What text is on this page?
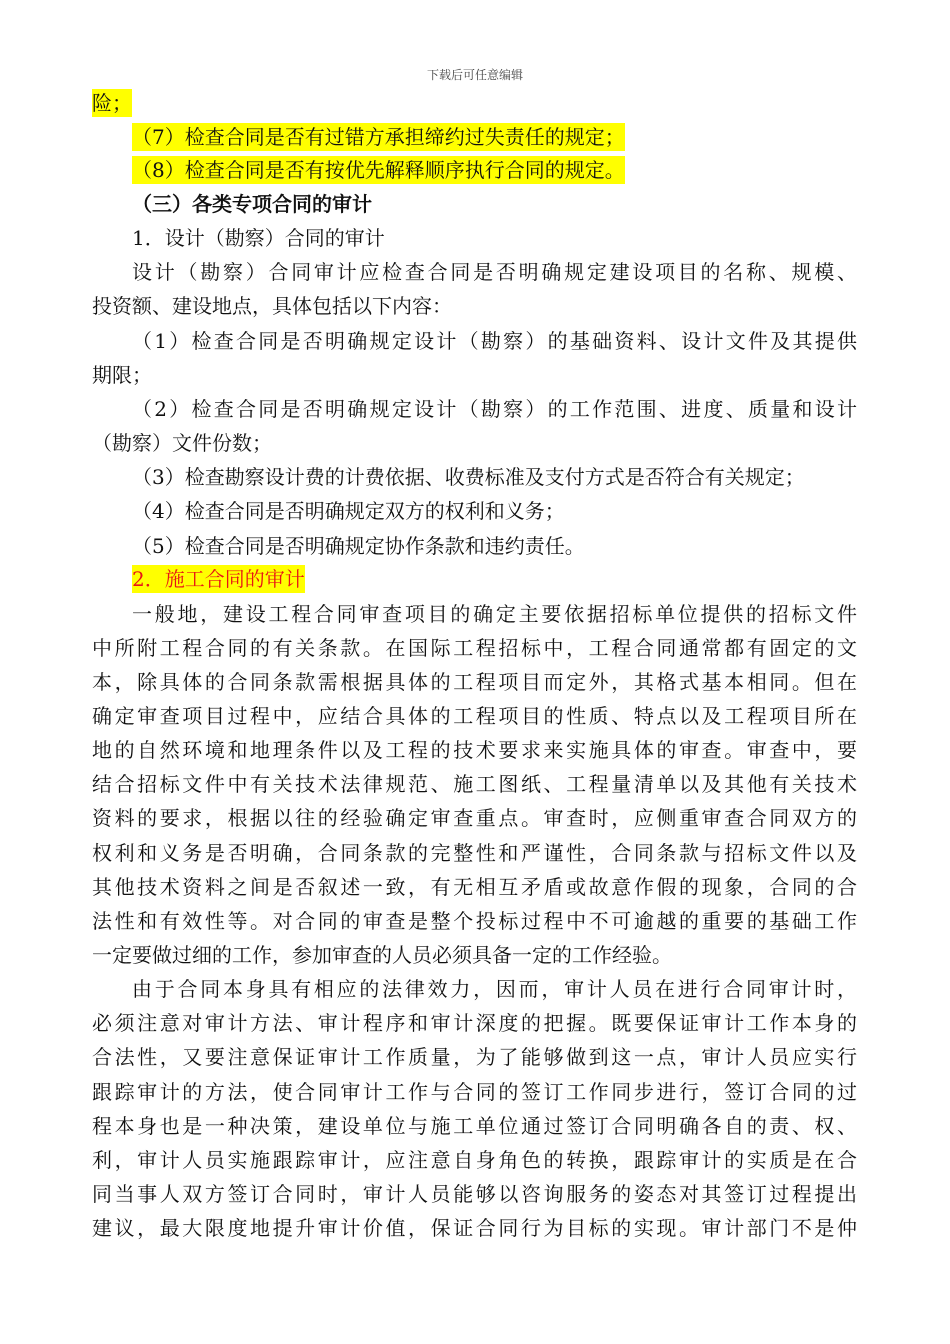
下载后可任意编辑
险；
（7）检查合同是否有过错方承担缔约过失责任的规定；
（8）检查合同是否有按优先解释顺序执行合同的规定。
（三）各类专项合同的审计
1．设计（勘察）合同的审计
设计（勘察）合同审计应检查合同是否明确规定建设项目的名称、规模、
投资额、建设地点，具体包括以下内容：
（1）检查合同是否明确规定设计（勘察）的基础资料、设计文件及其提供
期限；
（2）检查合同是否明确规定设计（勘察）的工作范围、进度、质量和设计
（勘察）文件份数；
（3）检查勘察设计费的计费依据、收费标准及支付方式是否符合有关规定；
（4）检查合同是否明确规定双方的权利和义务；
（5）检查合同是否明确规定协作条款和违约责任。
2．施工合同的审计
一般地，建设工程合同审查项目的确定主要依据招标单位提供的招标文件
中所附工程合同的有关条款。在国际工程招标中，工程合同通常都有固定的文
本，除具体的合同条款需根据具体的工程项目而定外，其格式基本相同。但在
确定审查项目过程中，应结合具体的工程项目的性质、特点以及工程项目所在
地的自然环境和地理条件以及工程的技术要求来实施具体的审查。审查中，要
结合招标文件中有关技术法律规范、施工图纸、工程量清单以及其他有关技术
资料的要求，根据以往的经验确定审查重点。审查时，应侧重审查合同双方的
权利和义务是否明确，合同条款的完整性和严谨性，合同条款与招标文件以及
其他技术资料之间是否叙述一致，有无相互矛盾或故意作假的现象，合同的合
法性和有效性等。对合同的审查是整个投标过程中不可逾越的重要的基础工作
一定要做过细的工作，参加审查的人员必须具备一定的工作经验。
由于合同本身具有相应的法律效力，因而，审计人员在进行合同审计时，
必须注意对审计方法、审计程序和审计深度的把握。既要保证审计工作本身的
合法性，又要注意保证审计工作质量，为了能够做到这一点，审计人员应实行
跟踪审计的方法，使合同审计工作与合同的签订工作同步进行，签订合同的过
程本身也是一种决策，建设单位与施工单位通过签订合同明确各自的责、权、
利，审计人员实施跟踪审计，应注意自身角色的转换，跟踪审计的实质是在合
同当事人双方签订合同时，审计人员能够以咨询服务的姿态对其签订过程提出
建议，最大限度地提升审计价值，保证合同行为目标的实现。审计部门不是仲
